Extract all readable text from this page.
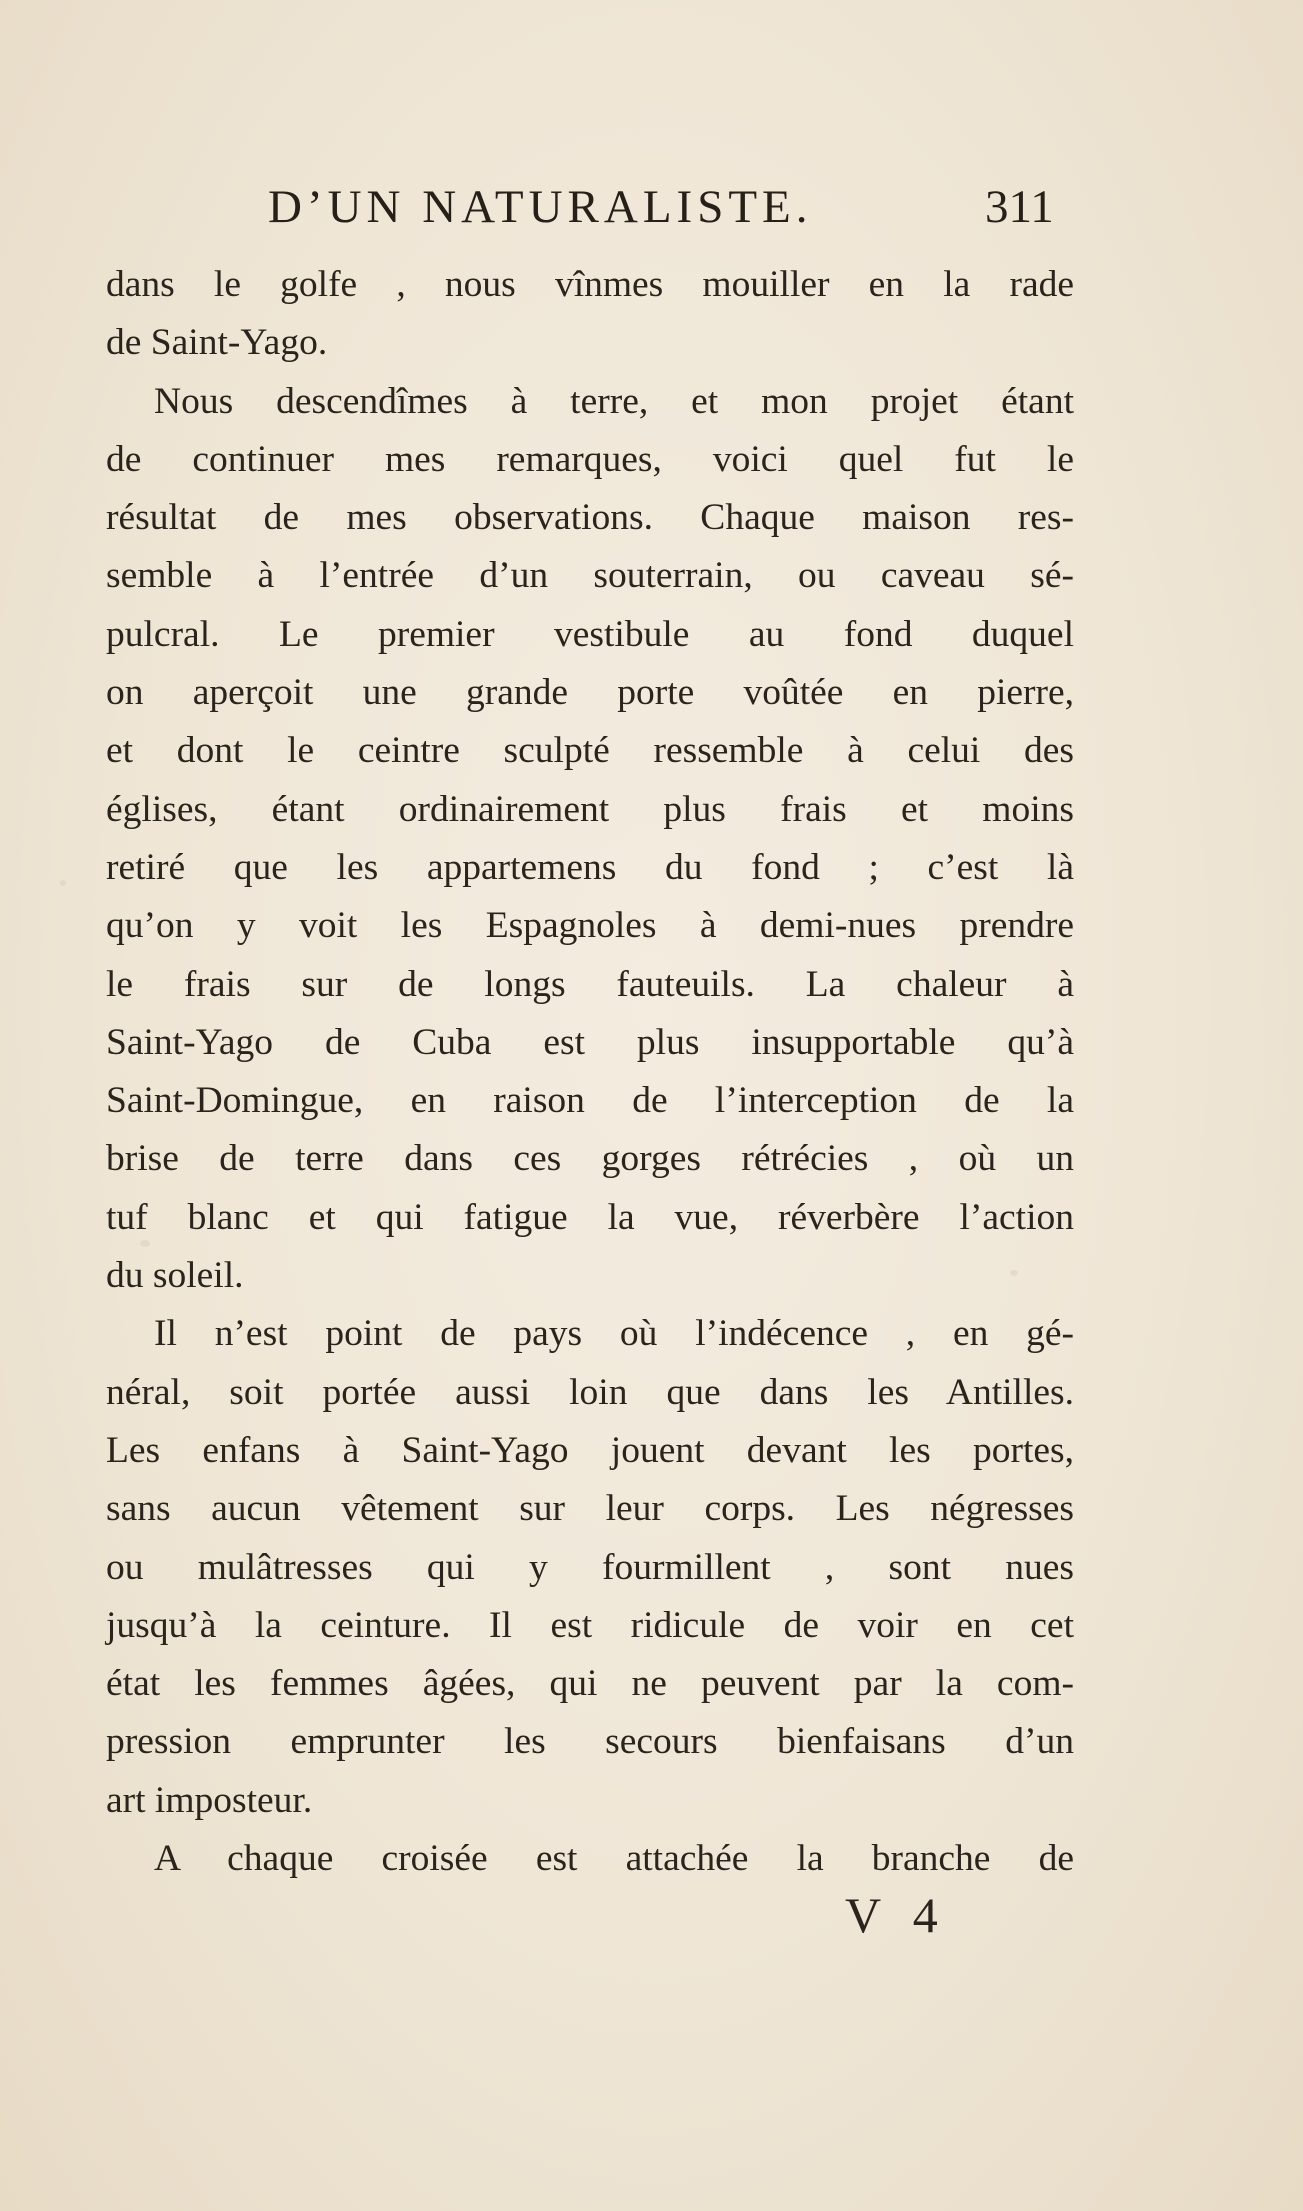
D’UN NATURALISTE.	311
dans le golfe , nous vînmes mouiller en la rade
de Saint-Yago.
Nous descendîmes à terre, et mon projet étant
de continuer mes remarques, voici quel fut le
résultat de mes observations. Chaque maison res-
semble à l’entrée d’un souterrain, ou caveau sé-
pulcral. Le premier vestibule au fond duquel
on aperçoit une grande porte voûtée en pierre,
et dont le ceintre sculpté ressemble à celui des
églises, étant ordinairement plus frais et moins
retiré que les appartemens du fond ; c’est là
qu’on y voit les Espagnoles à demi-nues prendre
le frais sur de longs fauteuils. La chaleur à
Saint-Yago de Cuba est plus insupportable qu’à
Saint-Domingue, en raison de l’interception de la
brise de terre dans ces gorges rétrécies , où un
tuf blanc et qui fatigue la vue, réverbère l’action
du soleil.
Il n’est point de pays où l’indécence , en gé-
néral, soit portée aussi loin que dans les Antilles.
Les enfans à Saint-Yago jouent devant les portes,
sans aucun vêtement sur leur corps. Les négresses
ou mulâtresses qui y fourmillent , sont nues
jusqu’à la ceinture. Il est ridicule de voir en cet
état les femmes âgées, qui ne peuvent par la com-
pression emprunter les secours bienfaisans d’un
art imposteur.
A chaque croisée est attachée la branche de
V 4
